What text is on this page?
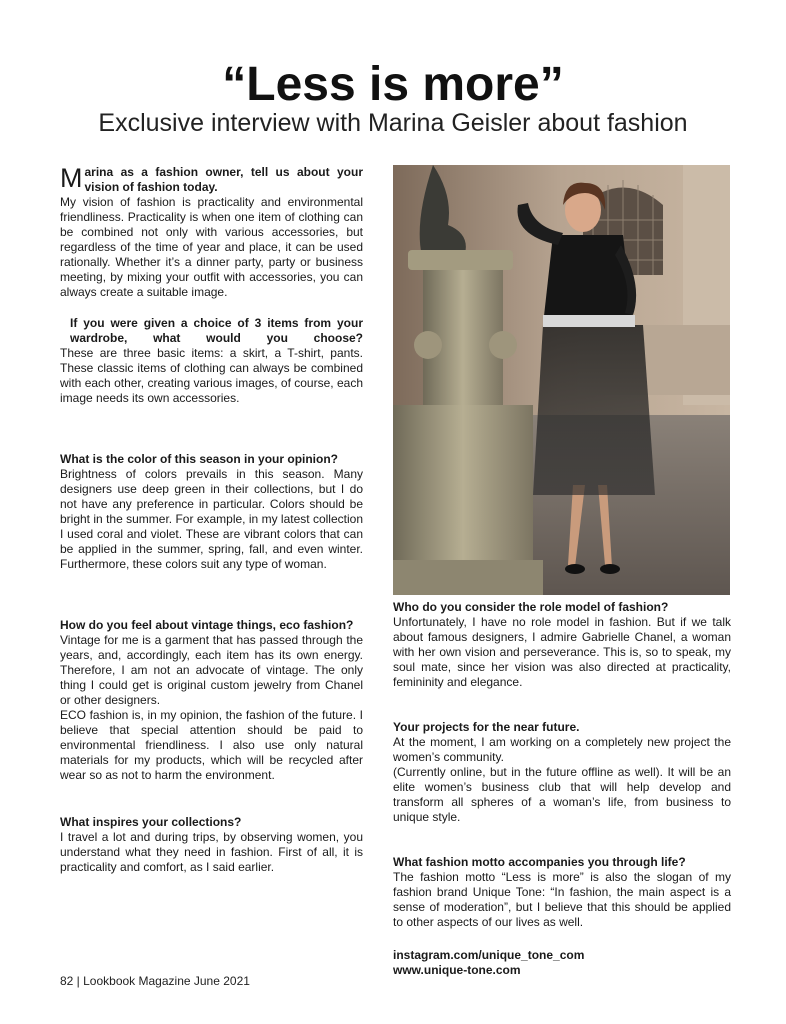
“Less is more”
Exclusive interview with Marina Geisler about fashion

Marina as a fashion owner, tell us about your vision of fashion today.

My vision of fashion is practicality and environmental friendliness. Practicality is when one item of clothing can be combined not only with various accessories, but regardless of the time of year and place, it can be used rationally. Whether it’s a dinner party, party or business meeting, by mixing your outfit with accessories, you can always create a suitable image.

If you were given a choice of 3 items from your wardrobe, what would you choose?

These are three basic items: a skirt, a T-shirt, pants. These classic items of clothing can always be combined with each other, creating various images, of course, each image needs its own accessories.

What is the color of this season in your opinion?

Brightness of colors prevails in this season. Many designers use deep green in their collections, but I do not have any preference in particular. Colors should be bright in the summer. For example, in my latest collection I used coral and violet. These are vibrant colors that can be applied in the summer, spring, fall, and even winter. Furthermore, these colors suit any type of woman.

How do you feel about vintage things, eco fashion?

Vintage for me is a garment that has passed through the years, and, accordingly, each item has its own energy. Therefore, I am not an advocate of vintage. The only thing I could get is original custom jewelry from Chanel or other designers.

ECO fashion is, in my opinion, the fashion of the future. I believe that special attention should be paid to environmental friendliness. I also use only natural materials for my products, which will be recycled after wear so as not to harm the environment.

What inspires your collections?

I travel a lot and during trips, by observing women, you understand what they need in fashion. First of all, it is practicality and comfort, as I said earlier.

Who do you consider the role model of fashion?

Unfortunately, I have no role model in fashion. But if we talk about famous designers, I admire Gabrielle Chanel, a woman with her own vision and perseverance. This is, so to speak, my soul mate, since her vision was also directed at practicality, femininity and elegance.

Your projects for the near future.

At the moment, I am working on a completely new project the women’s community.

(Currently online, but in the future offline as well). It will be an elite women’s business club that will help develop and transform all spheres of a woman’s life, from business to unique style.

What fashion motto accompanies you through life?

The fashion motto “Less is more” is also the slogan of my fashion brand Unique Tone: “In fashion, the main aspect is a sense of moderation”, but I believe that this should be applied to other aspects of our lives as well.

instagram.com/unique_tone_com

www.unique-tone.com

82 | Lookbook Magazine June 2021
